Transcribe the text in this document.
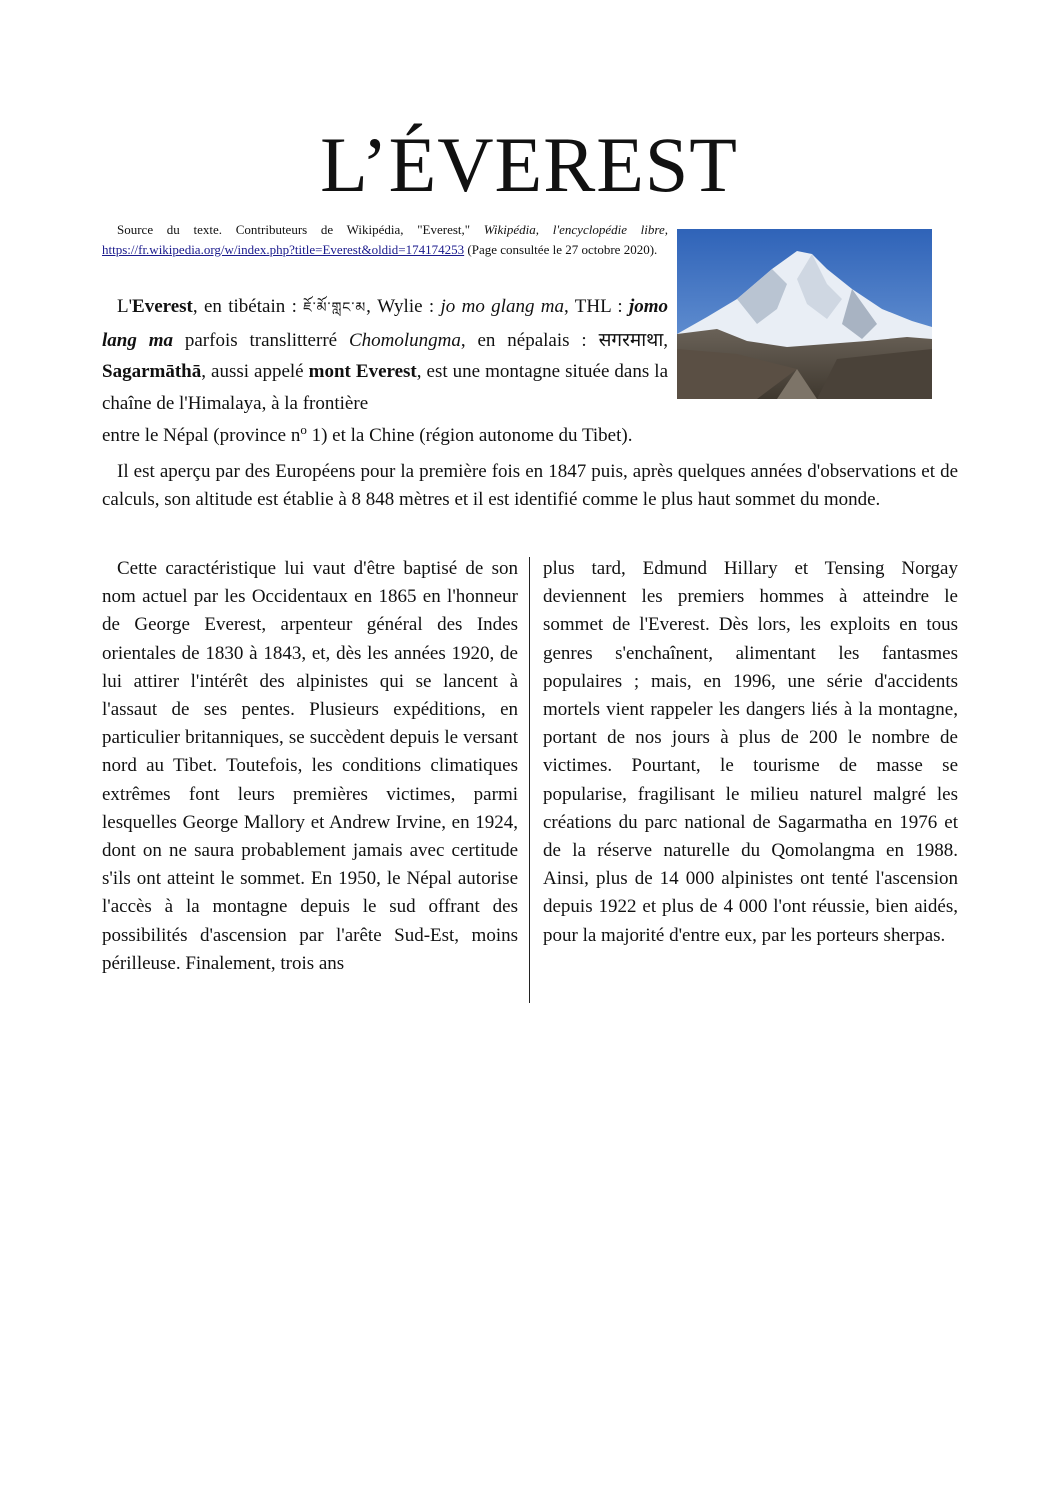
L’ÉVEREST
Source du texte. Contributeurs de Wikipédia, "Everest," Wikipédia, l'encyclopédie libre, https://fr.wikipedia.org/w/index.php?title=Everest&oldid=174174253 (Page consultée le 27 octobre 2020).
L'Everest, en tibétain : ཇོ་མོ་གླང་མ, Wylie : jo mo glang ma, THL : jomo lang ma parfois translitterré Chomolungma, en népalais : सगरमाथा, Sagarmāthā, aussi appelé mont Everest, est une montagne située dans la chaîne de l'Himalaya, à la frontière
entre le Népal (province $n^o$ 1) et la Chine (région autonome du Tibet).
Il est aperçu par des Européens pour la première fois en 1847 puis, après quelques années d'observations et de calculs, son altitude est établie à 8 848 mètres et il est identifié comme le plus haut sommet du monde.
Cette caractéristique lui vaut d'être baptisé de son nom actuel par les Occidentaux en 1865 en l'honneur de George Everest, arpenteur général des Indes orientales de 1830 à 1843, et, dès les années 1920, de lui attirer l'intérêt des alpinistes qui se lancent à l'assaut de ses pentes. Plusieurs expéditions, en particulier britanniques, se succèdent depuis le versant nord au Tibet. Toutefois, les conditions climatiques extrêmes font leurs premières victimes, parmi lesquelles George Mallory et Andrew Irvine, en 1924, dont on ne saura probablement jamais avec certitude s'ils ont atteint le sommet. En 1950, le Népal autorise l'accès à la montagne depuis le sud offrant des possibilités d'ascension par l'arête Sud-Est, moins périlleuse. Finalement, trois ans
plus tard, Edmund Hillary et Tensing Norgay deviennent les premiers hommes à atteindre le sommet de l'Everest. Dès lors, les exploits en tous genres s'enchaînent, alimentant les fantasmes populaires ; mais, en 1996, une série d'accidents mortels vient rappeler les dangers liés à la montagne, portant de nos jours à plus de 200 le nombre de victimes. Pourtant, le tourisme de masse se popularise, fragilisant le milieu naturel malgré les créations du parc national de Sagarmatha en 1976 et de la réserve naturelle du Qomolangma en 1988. Ainsi, plus de 14 000 alpinistes ont tenté l'ascension depuis 1922 et plus de 4 000 l'ont réussie, bien aidés, pour la majorité d'entre eux, par les porteurs sherpas.
